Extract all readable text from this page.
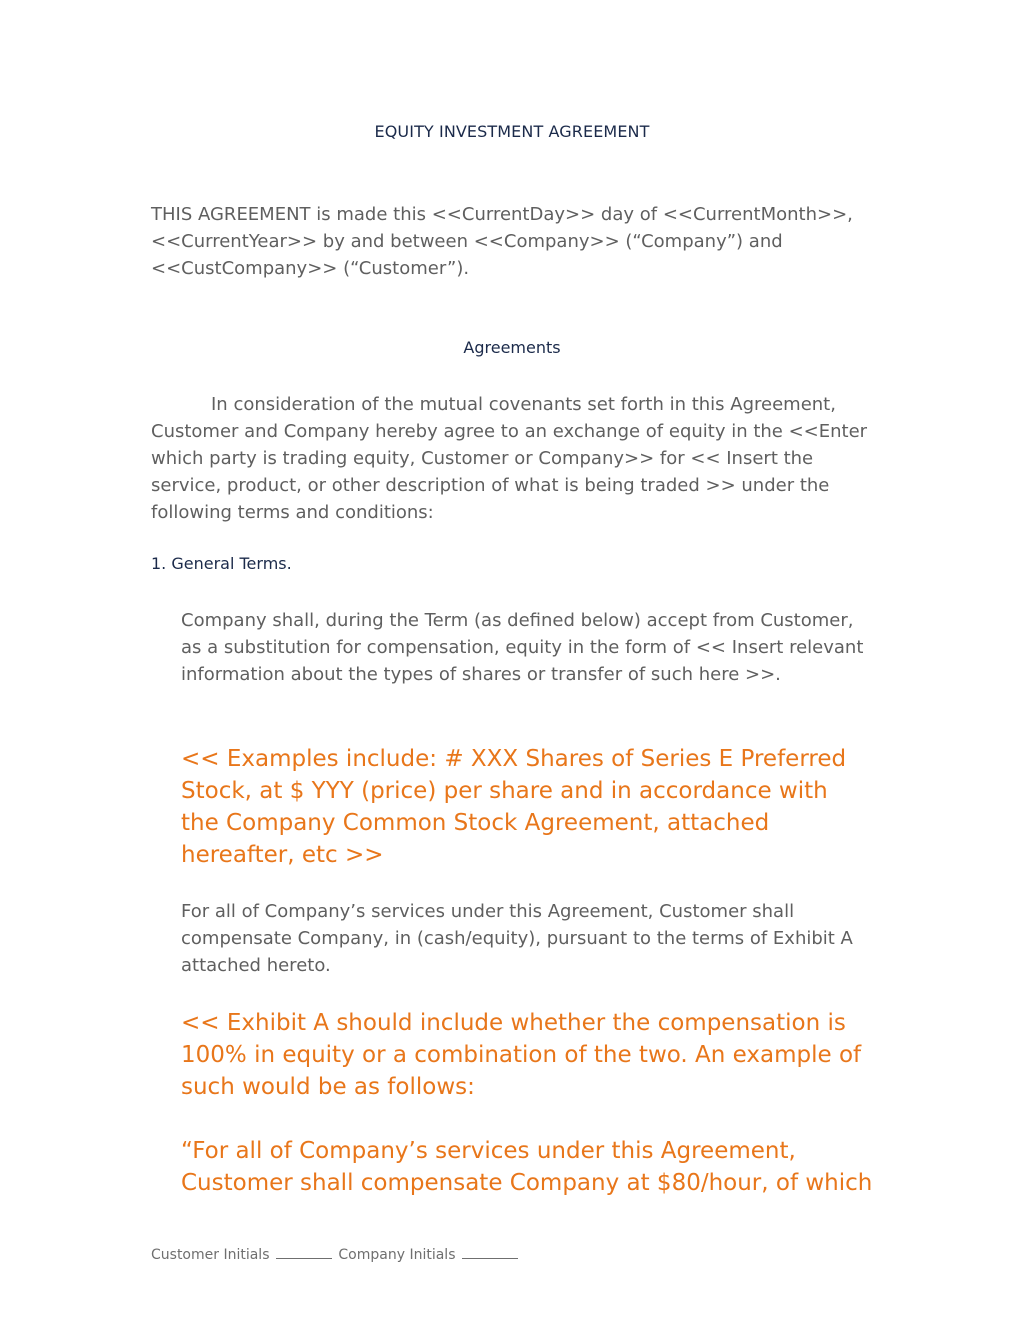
EQUITY INVESTMENT AGREEMENT

THIS AGREEMENT is made this <<CurrentDay>> day of <<CurrentMonth>>, <<CurrentYear>> by and between <<Company>> (“Company”) and <<CustCompany>> (“Customer”).

Agreements

In consideration of the mutual covenants set forth in this Agreement, Customer and Company hereby agree to an exchange of equity in the <<Enter which party is trading equity, Customer or Company>> for << Insert the service, product, or other description of what is being traded >> under the following terms and conditions:

1. General Terms.

Company shall, during the Term (as defined below) accept from Customer, as a substitution for compensation, equity in the form of << Insert relevant information about the types of shares or transfer of such here >>.

<< Examples include: # XXX Shares of Series E Preferred Stock, at $ YYY (price) per share and in accordance with the Company Common Stock Agreement, attached hereafter, etc >>

For all of Company’s services under this Agreement, Customer shall compensate Company, in (cash/equity), pursuant to the terms of Exhibit A attached hereto.

<< Exhibit A should include whether the compensation is 100% in equity or a combination of the two. An example of such would be as follows:

“For all of Company’s services under this Agreement, Customer shall compensate Company at $80/hour, of which

Customer Initials	Company Initials
